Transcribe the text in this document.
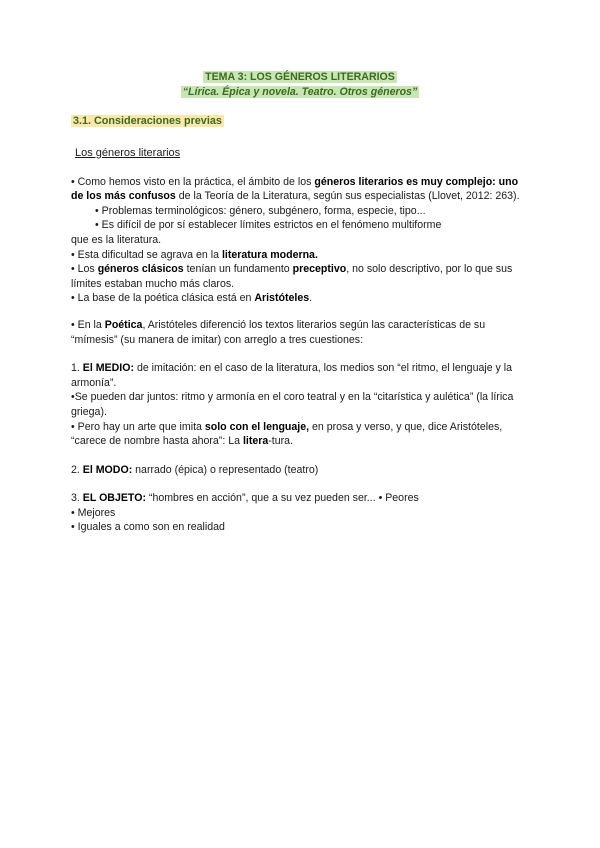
TEMA 3: LOS GÉNEROS LITERARIOS
“Lírica. Épica y novela. Teatro. Otros géneros”
3.1. Consideraciones previas

Los géneros literarios

• Como hemos visto en la práctica, el ámbito de los géneros literarios es muy complejo: uno de los más confusos de la Teoría de la Literatura, según sus especialistas (Llovet, 2012: 263).

• Problemas terminológicos: género, subgénero, forma, especie, tipo...

• Es difícil de por sí establecer límites estrictos en el fenómeno multiforme

que es la literatura.

• Esta dificultad se agrava en la literatura moderna.

• Los géneros clásicos tenían un fundamento preceptivo, no solo descriptivo, por lo que sus límites estaban mucho más claros.

• La base de la poética clásica está en Aristóteles.

• En la Poética, Aristóteles diferenció los textos literarios según las características de su “mímesis” (su manera de imitar) con arreglo a tres cuestiones:

1. El MEDIO: de imitación: en el caso de la literatura, los medios son “el ritmo, el lenguaje y la armonía”.

•Se pueden dar juntos: ritmo y armonía en el coro teatral y en la “citarística y aulética” (la lírica griega).

• Pero hay un arte que imita solo con el lenguaje, en prosa y verso, y que, dice Aristóteles, “carece de nombre hasta ahora”: La litera-tura.

2. El MODO: narrado (épica) o representado (teatro)

3. EL OBJETO: “hombres en acción”, que a su vez pueden ser... • Peores

• Mejores

• Iguales a como son en realidad
